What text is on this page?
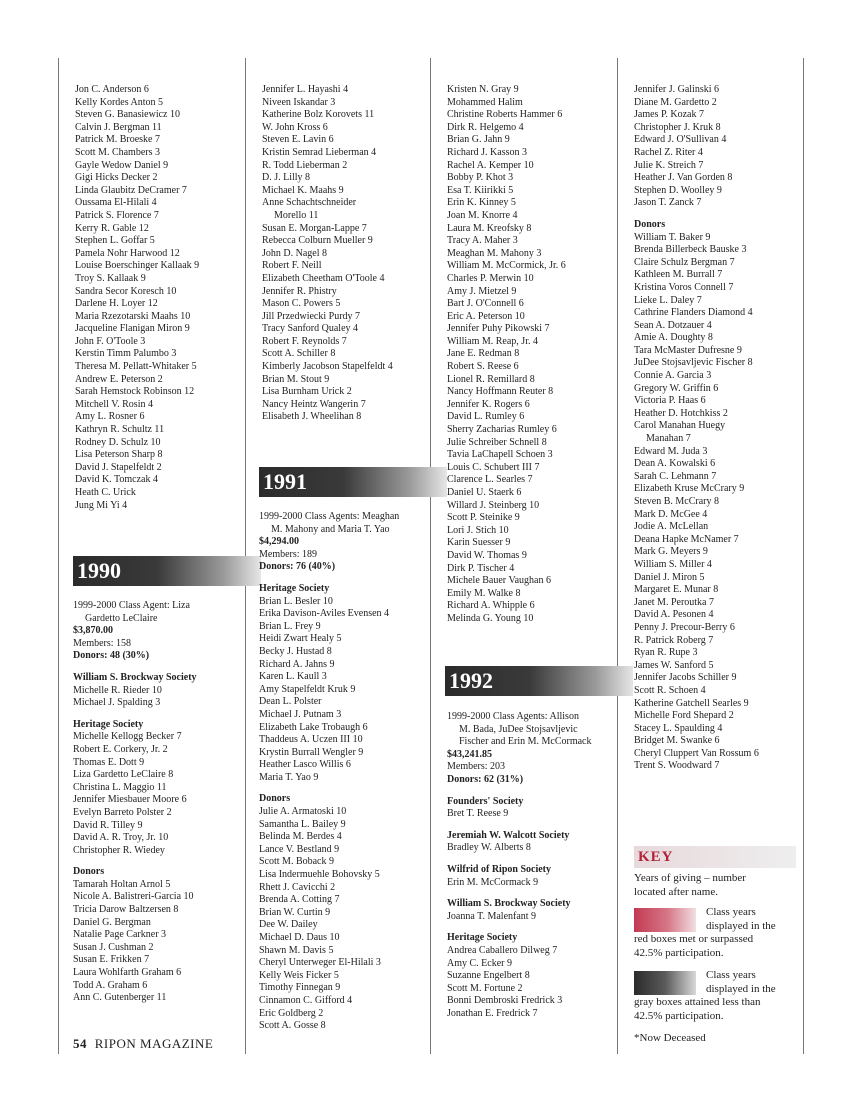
Jon C. Anderson 6
Kelly Kordes Anton 5
Steven G. Banasiewicz 10
Calvin J. Bergman 11
Patrick M. Broeske 7
Scott M. Chambers 3
Gayle Wedow Daniel 9
Gigi Hicks Decker 2
Linda Glaubitz DeCramer 7
Oussama El-Hilali 4
Patrick S. Florence 7
Kerry R. Gable 12
Stephen L. Goffar 5
Pamela Nohr Harwood 12
Louise Boerschinger Kallaak 9
Troy S. Kallaak 9
Sandra Secor Koresch 10
Darlene H. Loyer 12
Maria Rzezotarski Maahs 10
Jacqueline Flanigan Miron 9
John F. O'Toole 3
Kerstin Timm Palumbo 3
Theresa M. Pellatt-Whitaker 5
Andrew E. Peterson 2
Sarah Hemstock Robinson 12
Mitchell V. Rosin 4
Amy L. Rosner 6
Kathryn R. Schultz 11
Rodney D. Schulz 10
Lisa Peterson Sharp 8
David J. Stapelfeldt 2
David K. Tomczak 4
Heath C. Urick
Jung Mi Yi 4
1990
1999-2000 Class Agent: Liza
Gardetto LeClaire
$3,870.00
Members: 158
Donors: 48 (30%)
William S. Brockway Society
Michelle R. Rieder 10
Michael J. Spalding 3
Heritage Society
Michelle Kellogg Becker 7
Robert E. Corkery, Jr. 2
Thomas E. Dott 9
Liza Gardetto LeClaire 8
Christina L. Maggio 11
Jennifer Miesbauer Moore 6
Evelyn Barreto Polster 2
David R. Tilley 9
David A. R. Troy, Jr. 10
Christopher R. Wiedey
Donors
Tamarah Holtan Arnol 5
Nicole A. Balistreri-Garcia 10
Tricia Darow Baltzersen 8
Daniel G. Bergman
Natalie Page Carkner 3
Susan J. Cushman 2
Susan E. Frikken 7
Laura Wohlfarth Graham 6
Todd A. Graham 6
Ann C. Gutenberger 11
Jennifer L. Hayashi 4
Niveen Iskandar 3
Katherine Bolz Korovets 11
W. John Kross 6
Steven E. Lavin 6
Kristin Semrad Lieberman 4
R. Todd Lieberman 2
D. J. Lilly 8
Michael K. Maahs 9
Anne Schachtschneider
Morello 11
Susan E. Morgan-Lappe 7
Rebecca Colburn Mueller 9
John D. Nagel 8
Robert F. Neill
Elizabeth Cheetham O'Toole 4
Jennifer R. Phistry
Mason C. Powers 5
Jill Przedwiecki Purdy 7
Tracy Sanford Qualey 4
Robert F. Reynolds 7
Scott A. Schiller 8
Kimberly Jacobson Stapelfeldt 4
Brian M. Stout 9
Lisa Burnham Urick 2
Nancy Heintz Wangerin 7
Elisabeth J. Wheelihan 8
1991
1999-2000 Class Agents: Meaghan
M. Mahony and Maria T. Yao
$4,294.00
Members: 189
Donors: 76 (40%)
Heritage Society
Brian L. Besler 10
Erika Davison-Aviles Evensen 4
Brian L. Frey 9
Heidi Zwart Healy 5
Becky J. Hustad 8
Richard A. Jahns 9
Karen L. Kaull 3
Amy Stapelfeldt Kruk 9
Dean L. Polster
Michael J. Putnam 3
Elizabeth Lake Trobaugh 6
Thaddeus A. Uczen III 10
Krystin Burrall Wengler 9
Heather Lasco Willis 6
Maria T. Yao 9
Donors
Julie A. Armatoski 10
Samantha L. Bailey 9
Belinda M. Berdes 4
Lance V. Bestland 9
Scott M. Boback 9
Lisa Indermuehle Bohovsky 5
Rhett J. Cavicchi 2
Brenda A. Cotting 7
Brian W. Curtin 9
Dee W. Dailey
Michael D. Daus 10
Shawn M. Davis 5
Cheryl Unterweger El-Hilali 3
Kelly Weis Ficker 5
Timothy Finnegan 9
Cinnamon C. Gifford 4
Eric Goldberg 2
Scott A. Gosse 8
Kristen N. Gray 9
Mohammed Halim
Christine Roberts Hammer 6
Dirk R. Helgemo 4
Brian G. Jahn 9
Richard J. Kasson 3
Rachel A. Kemper 10
Bobby P. Khot 3
Esa T. Kiirikki 5
Erin K. Kinney 5
Joan M. Knorre 4
Laura M. Kreofsky 8
Tracy A. Maher 3
Meaghan M. Mahony 3
William M. McCormick, Jr. 6
Charles P. Merwin 10
Amy J. Mietzel 9
Bart J. O'Connell 6
Eric A. Peterson 10
Jennifer Puhy Pikowski 7
William M. Reap, Jr. 4
Jane E. Redman 8
Robert S. Reese 6
Lionel R. Remillard 8
Nancy Hoffmann Reuter 8
Jennifer K. Rogers 6
David L. Rumley 6
Sherry Zacharias Rumley 6
Julie Schreiber Schnell 8
Tavia LaChapell Schoen 3
Louis C. Schubert III 7
Clarence L. Searles 7
Daniel U. Staerk 6
Willard J. Steinberg 10
Scott P. Steinike 9
Lori J. Stich 10
Karin Suesser 9
David W. Thomas 9
Dirk P. Tischer 4
Michele Bauer Vaughan 6
Emily M. Walke 8
Richard A. Whipple 6
Melinda G. Young 10
1992
1999-2000 Class Agents: Allison
M. Bada, JuDee Stojsavljevic
Fischer and Erin M. McCormack
$43,241.85
Members: 203
Donors: 62 (31%)
Founders' Society
Bret T. Reese 9
Jeremiah W. Walcott Society
Bradley W. Alberts 8
Wilfrid of Ripon Society
Erin M. McCormack 9
William S. Brockway Society
Joanna T. Malenfant 9
Heritage Society
Andrea Caballero Dilweg 7
Amy C. Ecker 9
Suzanne Engelbert 8
Scott M. Fortune 2
Bonni Dembroski Fredrick 3
Jonathan E. Fredrick 7
Jennifer J. Galinski 6
Diane M. Gardetto 2
James P. Kozak 7
Christopher J. Kruk 8
Edward J. O'Sullivan 4
Rachel Z. Riter 4
Julie K. Streich 7
Heather J. Van Gorden 8
Stephen D. Woolley 9
Jason T. Zanck 7
Donors
William T. Baker 9
Brenda Billerbeck Bauske 3
Claire Schulz Bergman 7
Kathleen M. Burrall 7
Kristina Voros Connell 7
Lieke L. Daley 7
Cathrine Flanders Diamond 4
Sean A. Dotzauer 4
Amie A. Doughty 8
Tara McMaster Dufresne 9
JuDee Stojsavljevic Fischer 8
Connie A. Garcia 3
Gregory W. Griffin 6
Victoria P. Haas 6
Heather D. Hotchkiss 2
Carol Manahan Huegy
Manahan 7
Edward M. Juda 3
Dean A. Kowalski 6
Sarah C. Lehmann 7
Elizabeth Kruse McCrary 9
Steven B. McCrary 8
Mark D. McGee 4
Jodie A. McLellan
Deana Hapke McNamer 7
Mark G. Meyers 9
William S. Miller 4
Daniel J. Miron 5
Margaret E. Munar 8
Janet M. Peroutka 7
David A. Pesonen 4
Penny J. Precour-Berry 6
R. Patrick Roberg 7
Ryan R. Rupe 3
James W. Sanford 5
Jennifer Jacobs Schiller 9
Scott R. Schoen 4
Katherine Gatchell Searles 9
Michelle Ford Shepard 2
Stacey L. Spaulding 4
Bridget M. Swanke 6
Cheryl Cluppert Van Rossum 6
Trent S. Woodward 7
KEY
Years of giving – number
located after name.
Class years
displayed in the
red boxes met or surpassed
42.5% participation.
Class years
displayed in the
gray boxes attained less than
42.5% participation.
*Now Deceased
54 RIPON MAGAZINE
